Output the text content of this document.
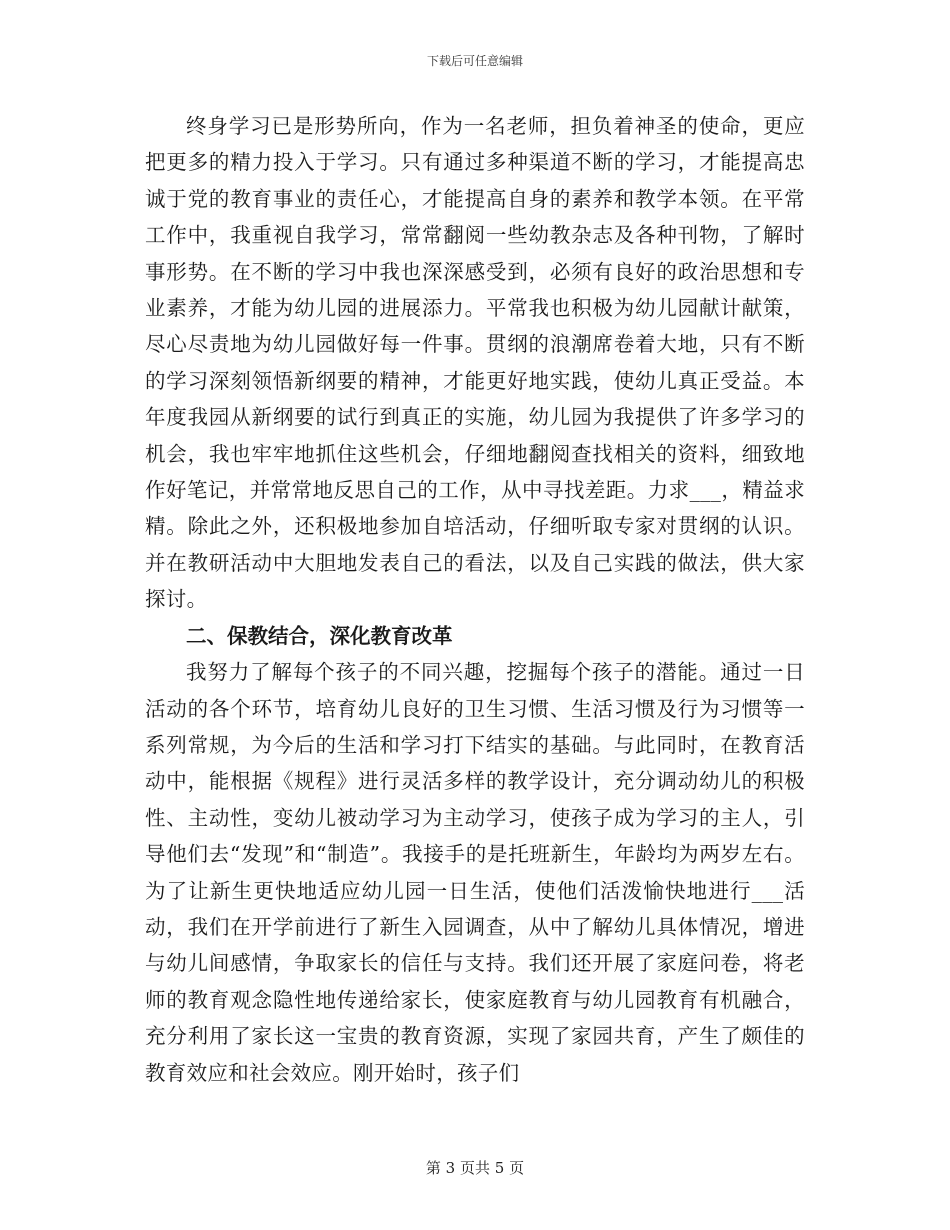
下载后可任意编辑

终身学习已是形势所向，作为一名老师，担负着神圣的使命，更应把更多的精力投入于学习。只有通过多种渠道不断的学习，才能提高忠诚于党的教育事业的责任心，才能提高自身的素养和教学本领。在平常工作中，我重视自我学习，常常翻阅一些幼教杂志及各种刊物，了解时事形势。在不断的学习中我也深深感受到，必须有良好的政治思想和专业素养，才能为幼儿园的进展添力。平常我也积极为幼儿园献计献策，尽心尽责地为幼儿园做好每一件事。贯纲的浪潮席卷着大地，只有不断的学习深刻领悟新纲要的精神，才能更好地实践，使幼儿真正受益。本年度我园从新纲要的试行到真正的实施，幼儿园为我提供了许多学习的机会，我也牢牢地抓住这些机会，仔细地翻阅查找相关的资料，细致地作好笔记，并常常地反思自己的工作，从中寻找差距。力求___，精益求精。除此之外，还积极地参加自培活动，仔细听取专家对贯纲的认识。并在教研活动中大胆地发表自己的看法，以及自己实践的做法，供大家探讨。

二、保教结合，深化教育改革

我努力了解每个孩子的不同兴趣，挖掘每个孩子的潜能。通过一日活动的各个环节，培育幼儿良好的卫生习惯、生活习惯及行为习惯等一系列常规，为今后的生活和学习打下结实的基础。与此同时，在教育活动中，能根据《规程》进行灵活多样的教学设计，充分调动幼儿的积极性、主动性，变幼儿被动学习为主动学习，使孩子成为学习的主人，引导他们去“发现”和“制造”。我接手的是托班新生，年龄均为两岁左右。为了让新生更快地适应幼儿园一日生活，使他们活泼愉快地进行___活动，我们在开学前进行了新生入园调查，从中了解幼儿具体情况，增进与幼儿间感情，争取家长的信任与支持。我们还开展了家庭问卷，将老师的教育观念隐性地传递给家长，使家庭教育与幼儿园教育有机融合，充分利用了家长这一宝贵的教育资源，实现了家园共育，产生了颇佳的教育效应和社会效应。刚开始时，孩子们

第 3 页共 5 页
